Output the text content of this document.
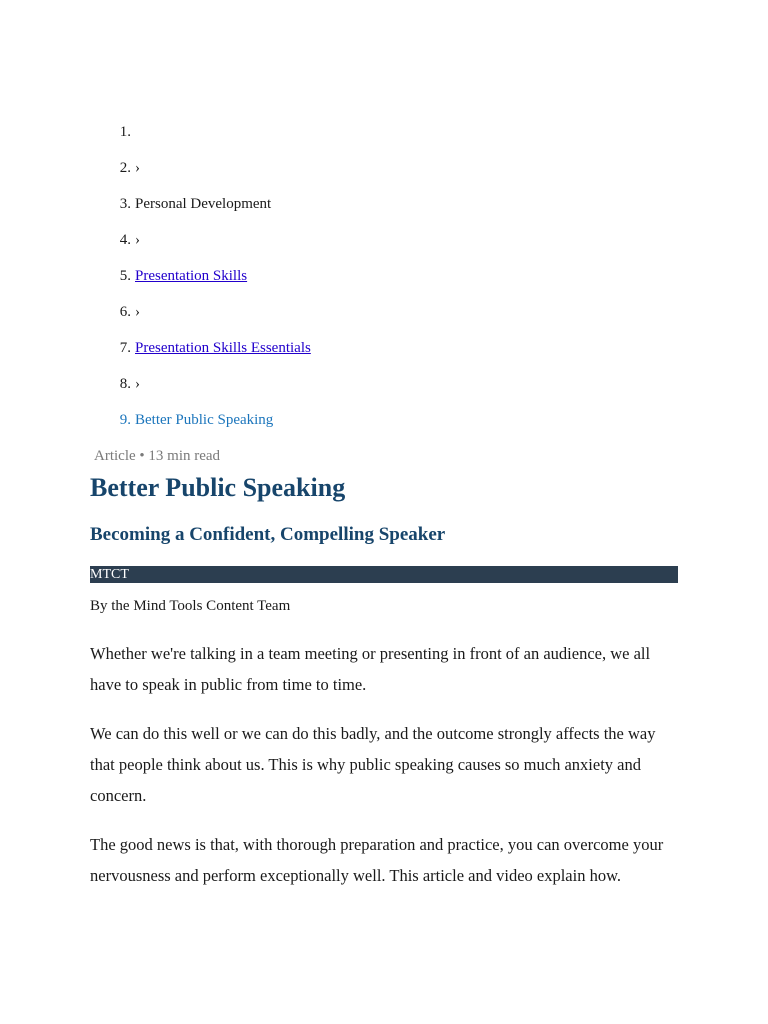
1.
2. ›
3. Personal Development
4. ›
5. Presentation Skills
6. ›
7. Presentation Skills Essentials
8. ›
9. Better Public Speaking
Article • 13 min read
Better Public Speaking
Becoming a Confident, Compelling Speaker
MTCT
By the Mind Tools Content Team

Whether we're talking in a team meeting or presenting in front of an audience, we all have to speak in public from time to time.

We can do this well or we can do this badly, and the outcome strongly affects the way that people think about us. This is why public speaking causes so much anxiety and concern.

The good news is that, with thorough preparation and practice, you can overcome your nervousness and perform exceptionally well. This article and video explain how.
